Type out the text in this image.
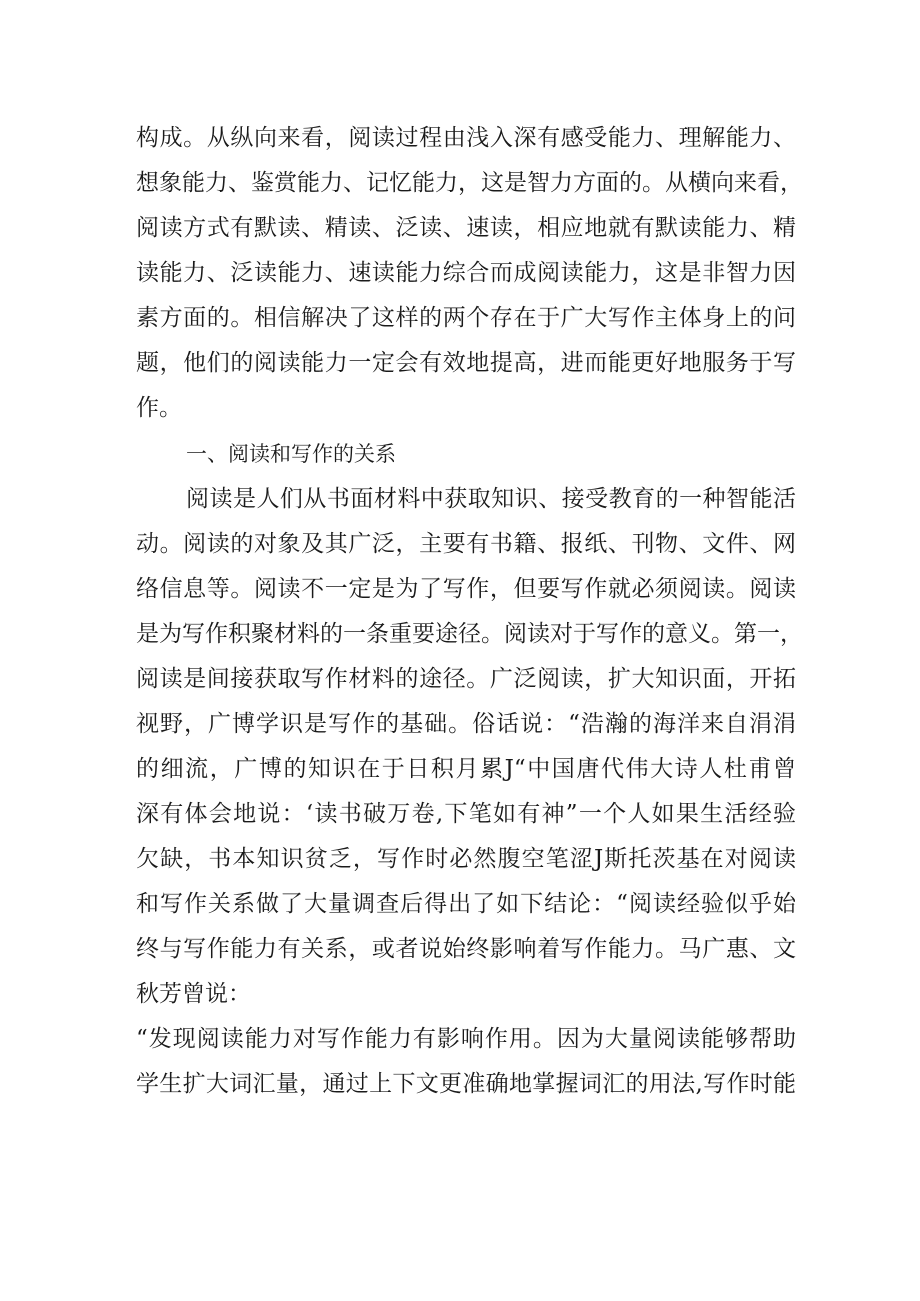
构成。从纵向来看，阅读过程由浅入深有感受能力、理解能力、
想象能力、鉴赏能力、记忆能力，这是智力方面的。从横向来看，
阅读方式有默读、精读、泛读、速读，相应地就有默读能力、精
读能力、泛读能力、速读能力综合而成阅读能力，这是非智力因
素方面的。相信解决了这样的两个存在于广大写作主体身上的问
题，他们的阅读能力一定会有效地提高，进而能更好地服务于写
作。
一、阅读和写作的关系
阅读是人们从书面材料中获取知识、接受教育的一种智能活
动。阅读的对象及其广泛，主要有书籍、报纸、刊物、文件、网
络信息等。阅读不一定是为了写作，但要写作就必须阅读。阅读
是为写作积聚材料的一条重要途径。阅读对于写作的意义。第一，
阅读是间接获取写作材料的途径。广泛阅读，扩大知识面，开拓
视野，广博学识是写作的基础。俗话说：“浩瀚的海洋来自涓涓
的细流，广博的知识在于日积月累J“中国唐代伟大诗人杜甫曾
深有体会地说：‘读书破万卷,下笔如有神”一个人如果生活经验
欠缺，书本知识贫乏，写作时必然腹空笔涩J斯托茨基在对阅读
和写作关系做了大量调查后得出了如下结论：“阅读经验似乎始
终与写作能力有关系，或者说始终影响着写作能力。马广惠、文
秋芳曾说：
“发现阅读能力对写作能力有影响作用。因为大量阅读能够帮助
学生扩大词汇量，通过上下文更准确地掌握词汇的用法,写作时能
